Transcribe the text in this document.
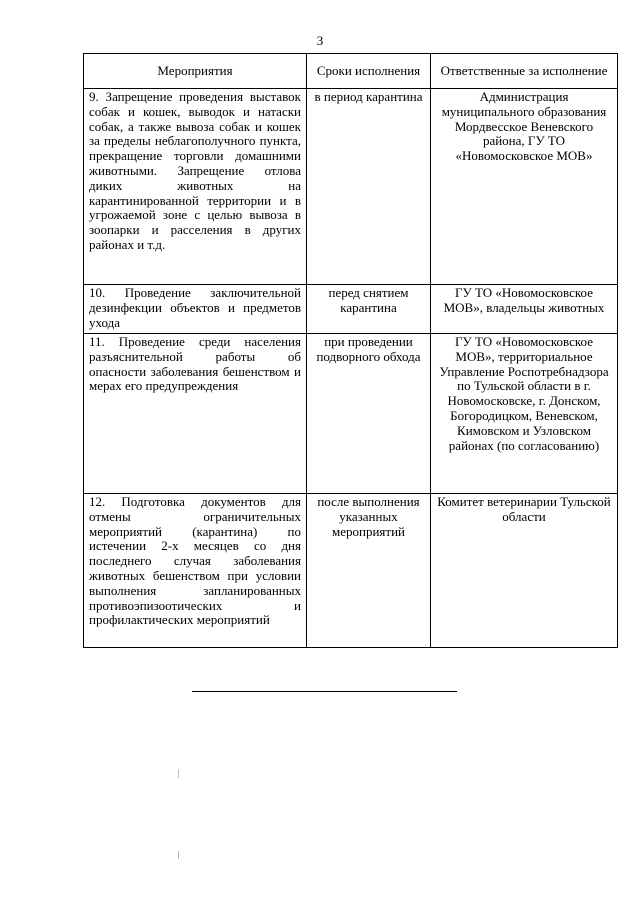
3
Мероприятия	Сроки исполнения	Ответственные за исполнение
9. Запрещение проведения выставок собак и кошек, выводок и натаски собак, а также вывоза собак и кошек за пределы неблагополучного пункта, прекращение торговли домашними животными. Запрещение отлова диких животных на карантинированной территории и в угрожаемой зоне с целью вывоза в зоопарки и расселения в других районах и т.д.	в период карантина	Администрация муниципального образования Мордвесское Веневского района, ГУ ТО «Новомосковское МОВ»
10. Проведение заключительной дезинфекции объектов и предметов ухода	перед снятием карантина	ГУ ТО «Новомосковское МОВ», владельцы животных
11. Проведение среди населения разъяснительной работы об опасности заболевания бешенством и мерах его предупреждения	при проведении подворного обхода	ГУ ТО «Новомосковское МОВ», территориальное Управление Роспотребнадзора по Тульской области в г. Новомосковске, г. Донском, Богородицком, Веневском, Кимовском и Узловском районах (по согласованию)
12. Подготовка документов для отмены ограничительных мероприятий (карантина) по истечении 2-х месяцев со дня последнего случая заболевания животных бешенством при условии выполнения запланированных противоэпизоотических и профилактических мероприятий	после выполнения указанных мероприятий	Комитет ветеринарии Тульской области
